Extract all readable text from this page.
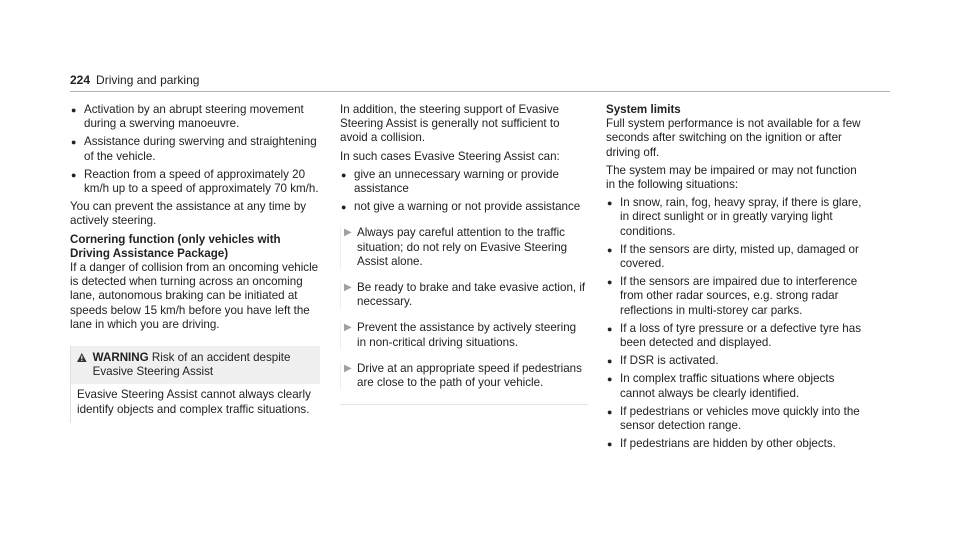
224 Driving and parking
● Activation by an abrupt steering movement during a swerving manoeuvre.
● Assistance during swerving and straightening of the vehicle.
● Reaction from a speed of approximately 20 km/h up to a speed of approximately 70 km/h.

You can prevent the assistance at any time by actively steering.

Cornering function (only vehicles with Driving Assistance Package)

If a danger of collision from an oncoming vehicle is detected when turning across an oncoming lane, autonomous braking can be initiated at speeds below 15 km/h before you have left the lane in which you are driving.

WARNING Risk of an accident despite Evasive Steering Assist
Evasive Steering Assist cannot always clearly identify objects and complex traffic situations.

In addition, the steering support of Evasive Steering Assist is generally not sufficient to avoid a collision.

In such cases Evasive Steering Assist can:

● give an unnecessary warning or provide assistance
● not give a warning or not provide assistance
▶ Always pay careful attention to the traffic situation; do not rely on Evasive Steering Assist alone.
▶ Be ready to brake and take evasive action, if necessary.
▶ Prevent the assistance by actively steering in non-critical driving situations.
▶ Drive at an appropriate speed if pedestrians are close to the path of your vehicle.

System limits

Full system performance is not available for a few seconds after switching on the ignition or after driving off.

The system may be impaired or may not function in the following situations:

● In snow, rain, fog, heavy spray, if there is glare, in direct sunlight or in greatly varying light conditions.
● If the sensors are dirty, misted up, damaged or covered.
● If the sensors are impaired due to interference from other radar sources, e.g. strong radar reflections in multi-storey car parks.
● If a loss of tyre pressure or a defective tyre has been detected and displayed.
● If DSR is activated.
● In complex traffic situations where objects cannot always be clearly identified.
● If pedestrians or vehicles move quickly into the sensor detection range.
● If pedestrians are hidden by other objects.
